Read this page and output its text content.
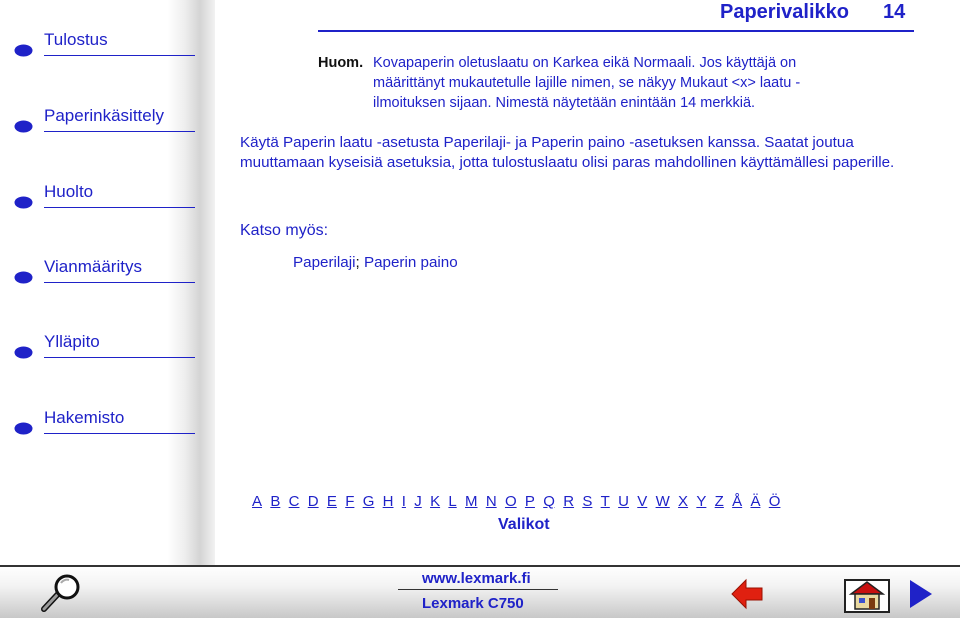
Tulostus
Paperinkäsittely
Huolto
Vianmääritys
Ylläpito
Hakemisto
Paperivalikko 14
Huom. Kovapaperin oletuslaatu on Karkea eikä Normaali. Jos käyttäjä on määrittänyt mukautetulle lajille nimen, se näkyy Mukaut <x> laatu -ilmoituksen sijaan. Nimestä näytetään enintään 14 merkkiä.
Käytä Paperin laatu -asetusta Paperilaji- ja Paperin paino -asetuksen kanssa. Saatat joutua muuttamaan kyseisiä asetuksia, jotta tulostuslaatu olisi paras mahdollinen käyttämällesi paperille.
Katso myös:
Paperilaji; Paperin paino
A B C D E F G H I J K L M N O P Q R S T U V W X Y Z Å Ä Ö
Valikot
www.lexmark.fi
Lexmark C750
